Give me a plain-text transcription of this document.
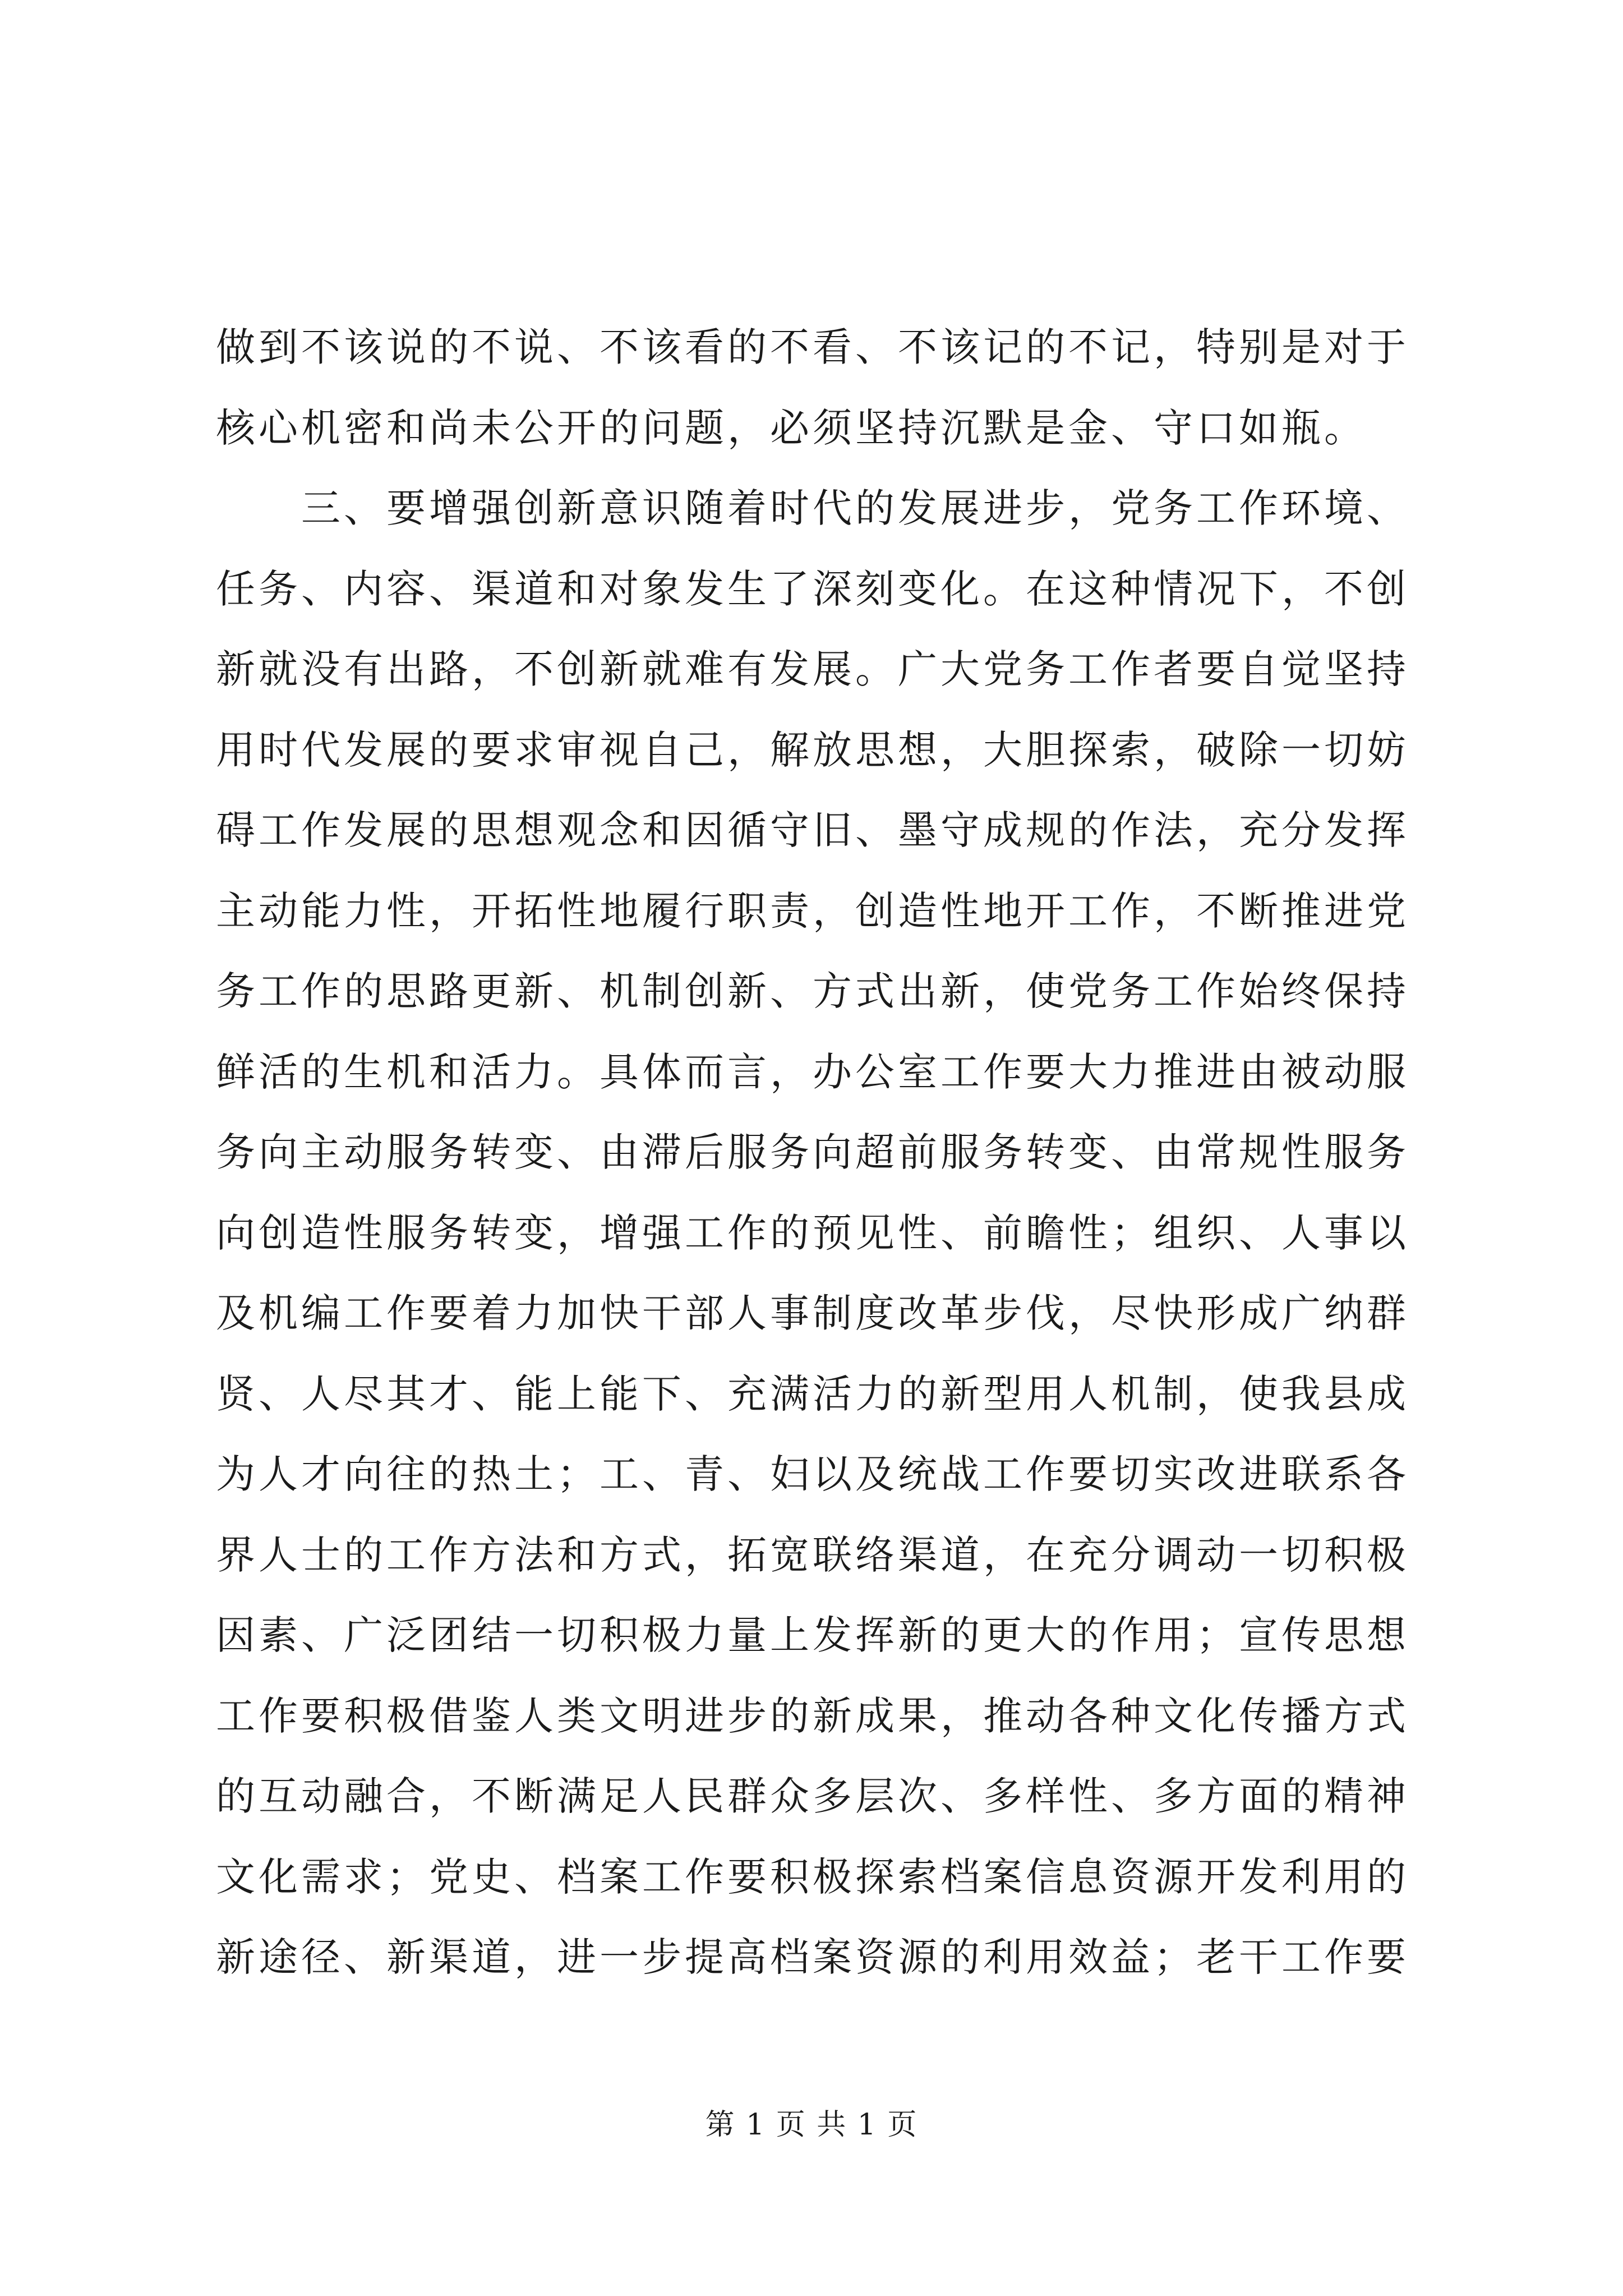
做到不该说的不说、不该看的不看、不该记的不记，特别是对于
核心机密和尚未公开的问题，必须坚持沉默是金、守口如瓶。
　　三、要增强创新意识随着时代的发展进步，党务工作环境、
任务、内容、渠道和对象发生了深刻变化。在这种情况下，不创
新就没有出路，不创新就难有发展。广大党务工作者要自觉坚持
用时代发展的要求审视自己，解放思想，大胆探索，破除一切妨
碍工作发展的思想观念和因循守旧、墨守成规的作法，充分发挥
主动能力性，开拓性地履行职责，创造性地开工作，不断推进党
务工作的思路更新、机制创新、方式出新，使党务工作始终保持
鲜活的生机和活力。具体而言，办公室工作要大力推进由被动服
务向主动服务转变、由滞后服务向超前服务转变、由常规性服务
向创造性服务转变，增强工作的预见性、前瞻性；组织、人事以
及机编工作要着力加快干部人事制度改革步伐，尽快形成广纳群
贤、人尽其才、能上能下、充满活力的新型用人机制，使我县成
为人才向往的热土；工、青、妇以及统战工作要切实改进联系各
界人士的工作方法和方式，拓宽联络渠道，在充分调动一切积极
因素、广泛团结一切积极力量上发挥新的更大的作用；宣传思想
工作要积极借鉴人类文明进步的新成果，推动各种文化传播方式
的互动融合，不断满足人民群众多层次、多样性、多方面的精神
文化需求；党史、档案工作要积极探索档案信息资源开发利用的
新途径、新渠道，进一步提高档案资源的利用效益；老干工作要
第 1 页 共 1 页
